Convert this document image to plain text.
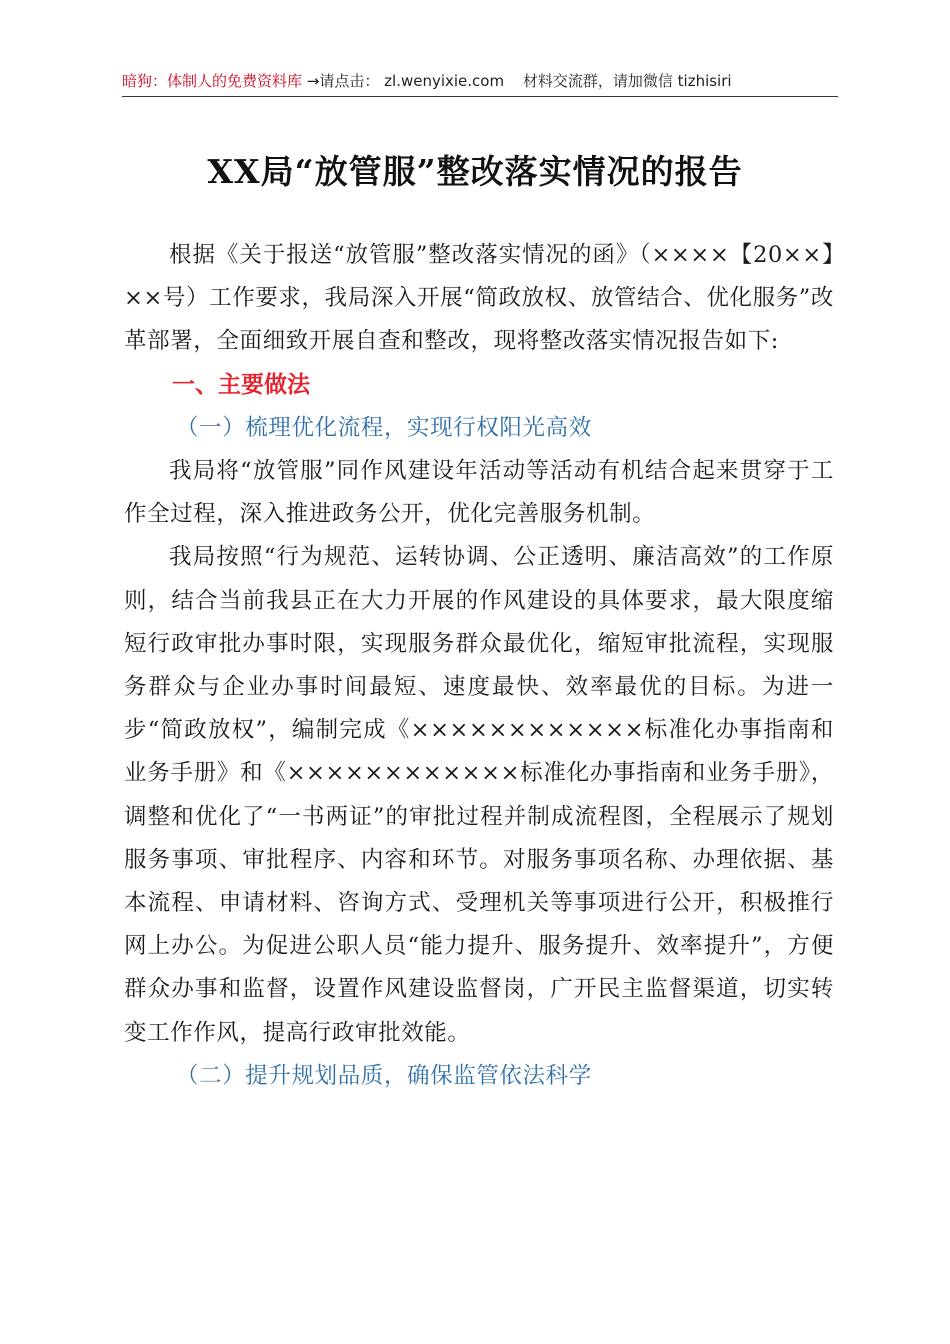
暗狗：体制人的免费资料库 →请点击： zl.wenyixie.com 材料交流群，请加微信 tizhisiri
XX局“放管服”整改落实情况的报告

根据《关于报送“放管服”整改落实情况的函》（××××【20××】××号）工作要求，我局深入开展“简政放权、放管结合、优化服务”改革部署，全面细致开展自查和整改，现将整改落实情况报告如下:

一、主要做法

（一）梳理优化流程，实现行权阳光高效

我局将“放管服”同作风建设年活动等活动有机结合起来贯穿于工作全过程，深入推进政务公开，优化完善服务机制。

我局按照“行为规范、运转协调、公正透明、廉洁高效”的工作原则，结合当前我县正在大力开展的作风建设的具体要求，最大限度缩短行政审批办事时限，实现服务群众最优化，缩短审批流程，实现服务群众与企业办事时间最短、速度最快、效率最优的目标。为进一步“简政放权”，编制完成《××××××××××××标准化办事指南和业务手册》和《××××××××××××标准化办事指南和业务手册》，调整和优化了“一书两证”的审批过程并制成流程图，全程展示了规划服务事项、审批程序、内容和环节。对服务事项名称、办理依据、基本流程、申请材料、咨询方式、受理机关等事项进行公开，积极推行网上办公。为促进公职人员“能力提升、服务提升、效率提升”，方便群众办事和监督，设置作风建设监督岗，广开民主监督渠道，切实转变工作作风，提高行政审批效能。

（二）提升规划品质，确保监管依法科学
